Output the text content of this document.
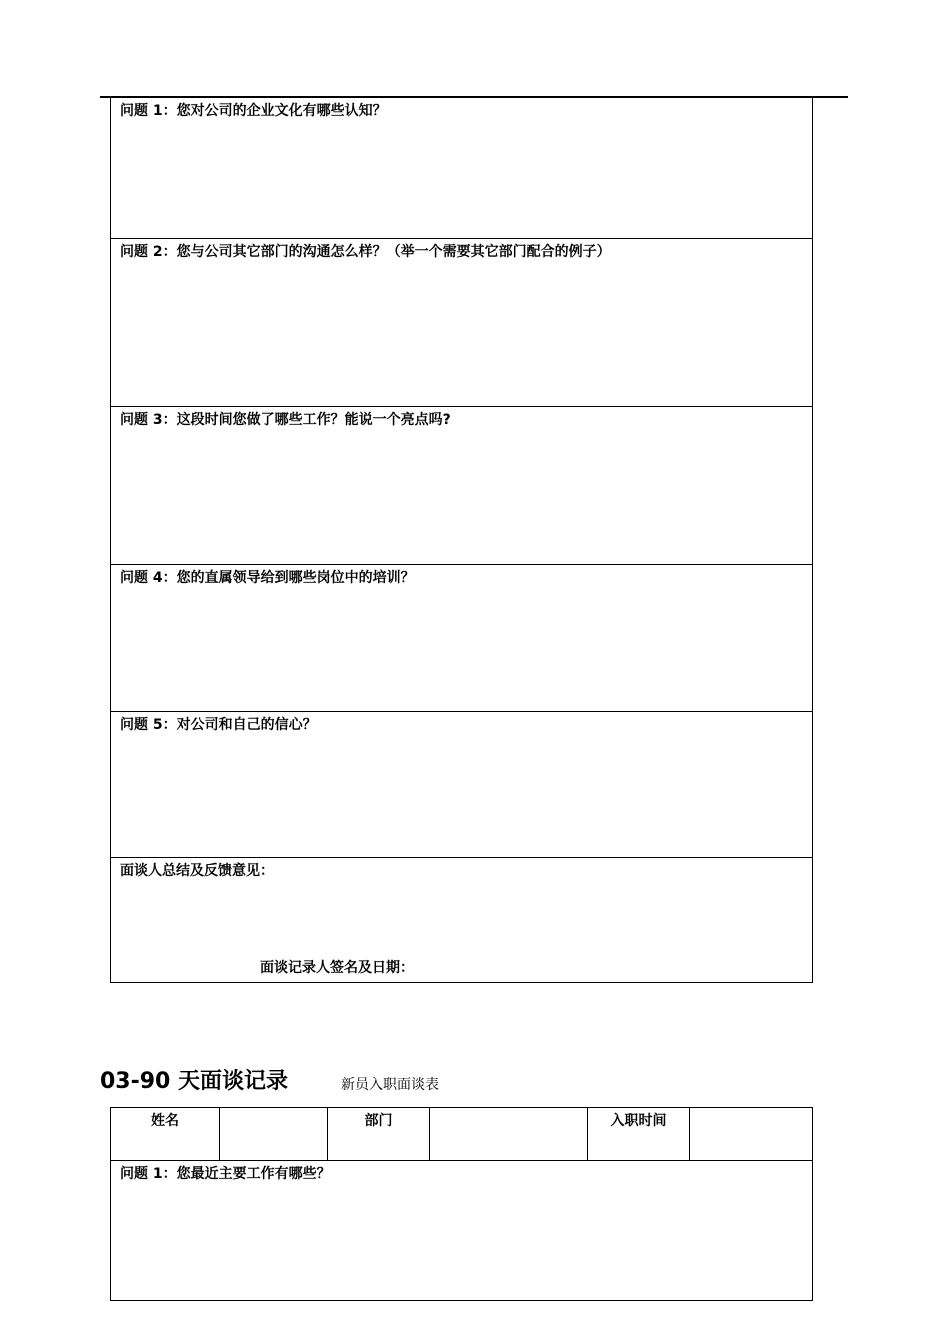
问题 1：您对公司的企业文化有哪些认知？
问题 2：您与公司其它部门的沟通怎么样？（举一个需要其它部门配合的例子）
问题 3：这段时间您做了哪些工作？能说一个亮点吗?
问题 4：您的直属领导给到哪些岗位中的培训？
问题 5：对公司和自己的信心？
面谈人总结及反馈意见：
面谈记录人签名及日期：
03-90 天面谈记录	新员入职面谈表
姓名	部门	入职时间
问题 1：您最近主要工作有哪些？
